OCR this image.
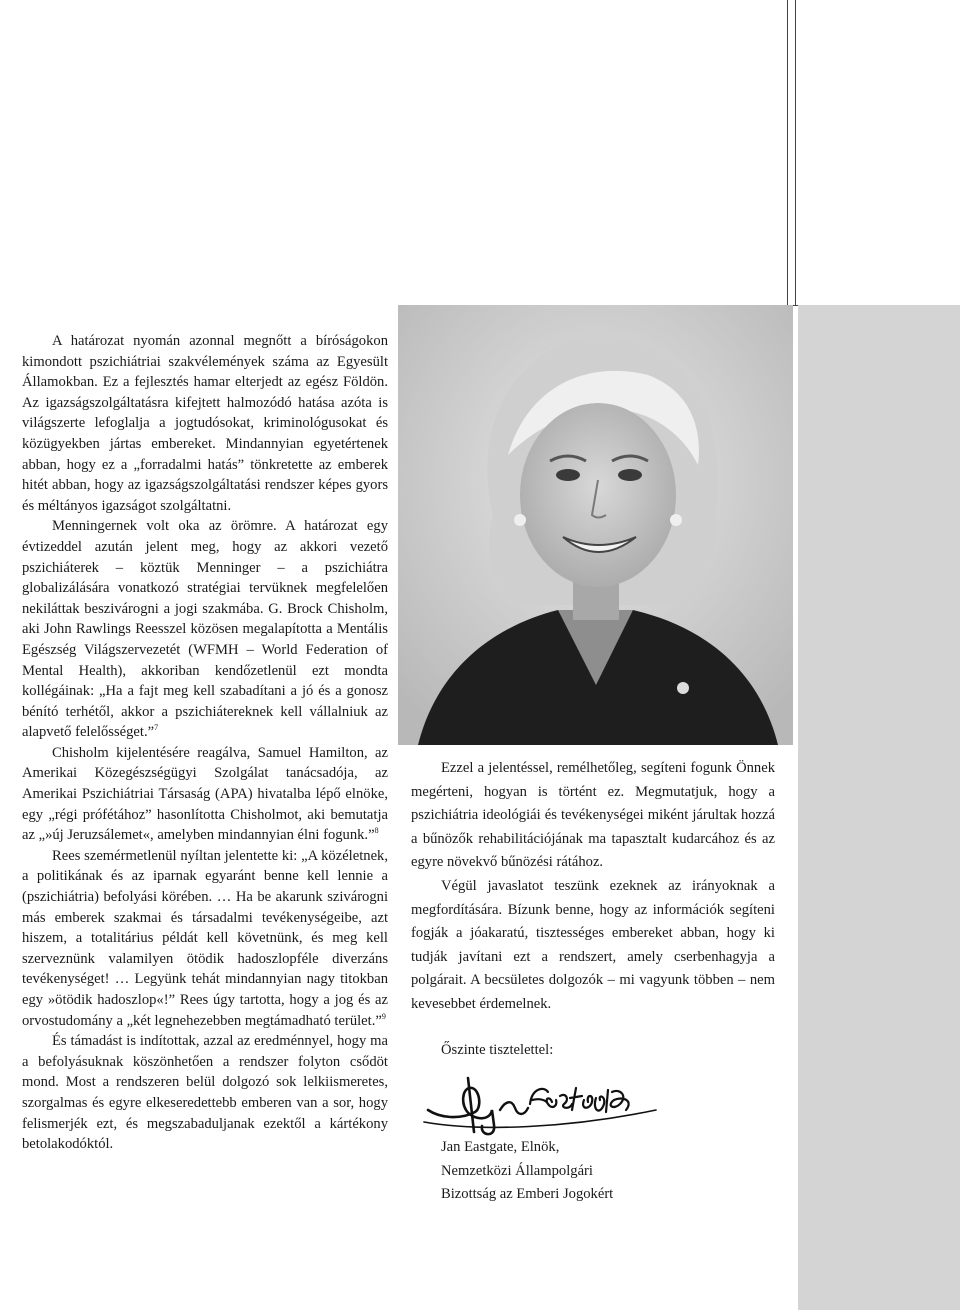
A határozat nyomán azonnal megnőtt a bíróságokon kimondott pszichiátriai szakvélemények száma az Egyesült Államokban. Ez a fejlesztés hamar elterjedt az egész Földön. Az igazságszolgáltatásra kifejtett halmozódó hatása azóta is világszerte lefoglalja a jogtudósokat, kriminológusokat és közügyekben jártas embereket. Mindannyian egyetértenek abban, hogy ez a „forradalmi hatás” tönkretette az emberek hitét abban, hogy az igazságszolgáltatási rendszer képes gyors és méltányos igazságot szolgáltatni.

Menningernek volt oka az örömre. A határozat egy évtizeddel azután jelent meg, hogy az akkori vezető pszichiáterek – köztük Menninger – a pszichiátra globalizálására vonatkozó stratégiai tervüknek megfelelően nekiláttak beszivárogni a jogi szakmába. G. Brock Chisholm, aki John Rawlings Reesszel közösen megalapította a Mentális Egészség Világszervezetét (WFMH – World Federation of Mental Health), akkoriban kendőzetlenül ezt mondta kollégáinak: „Ha a fajt meg kell szabadítani a jó és a gonosz bénító terhétől, akkor a pszichiátereknek kell vállalniuk az alapvető felelősséget.”$^7$

Chisholm kijelentésére reagálva, Samuel Hamilton, az Amerikai Közegészségügyi Szolgálat tanácsadója, az Amerikai Pszichiátriai Társaság (APA) hivatalba lépő elnöke, egy „régi prófétához” hasonlította Chisholmot, aki bemutatja az „»új Jeruzsálemet«, amelyben mindannyian élni fogunk.”$^8$

Rees szemérmetlenül nyíltan jelentette ki: „A közéletnek, a politikának és az iparnak egyaránt benne kell lennie a (pszichiátria) befolyási körében. … Ha be akarunk szivárogni más emberek szakmai és társadalmi tevékenységeibe, azt hiszem, a totalitárius példát kell követnünk, és meg kell szerveznünk valamilyen ötödik hadoszlopféle diverzáns tevékenységet! … Legyünk tehát mindannyian nagy titokban egy »ötödik hadoszlop«!” Rees úgy tartotta, hogy a jog és az orvostudomány a „két legnehezebben megtámadható terület.”$^9$

És támadást is indítottak, azzal az eredménnyel, hogy ma a befolyásuknak köszönhetően a rendszer folyton csődöt mond. Most a rendszeren belül dolgozó sok lelkiismeretes, szorgalmas és egyre elkeseredettebb emberen van a sor, hogy felismerjék ezt, és megszabaduljanak ezektől a kártékony betolakodóktól.

Ezzel a jelentéssel, remélhetőleg, segíteni fogunk Önnek megérteni, hogyan is történt ez. Megmutatjuk, hogy a pszichiátria ideológiái és tevékenységei miként járultak hozzá a bűnözők rehabilitációjának ma tapasztalt kudarcához és az egyre növekvő bűnözési rátához.

Végül javaslatot teszünk ezeknek az irányoknak a megfordítására. Bízunk benne, hogy az információk segíteni fogják a jóakaratú, tisztességes embereket abban, hogy ki tudják javítani ezt a rendszert, amely cserbenhagyja a polgárait. A becsületes dolgozók – mi vagyunk többen – nem kevesebbet érdemelnek.

Őszinte tisztelettel:
Jan Eastgate, Elnök,
Nemzetközi Állampolgári
Bizottság az Emberi Jogokért
